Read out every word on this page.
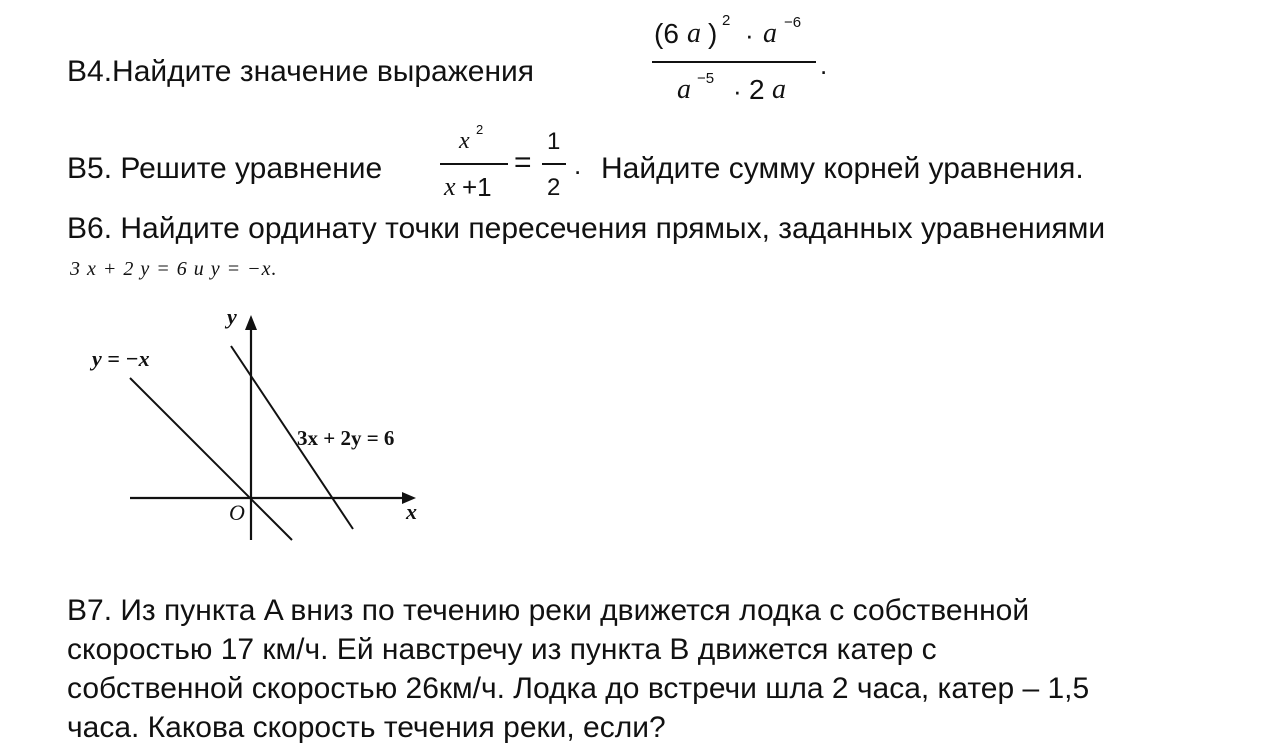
В4.Найдите значение выражения
(6 a ) 2 · a −6
.
a −5 · 2 a
В5. Решите уравнение
x 2
x +1
=
1
2
. Найдите сумму корней уравнения.
В6. Найдите ординату точки пересечения прямых, заданных уравнениями
3 x + 2 y = 6 и y = −x.
y
x
O
y = −x
3x + 2y = 6
В7. Из пункта A вниз по течению реки движется лодка с собственной
скоростью 17 км/ч. Ей навстречу из пункта B движется катер с
собственной скоростью 26км/ч. Лодка до встречи шла 2 часа, катер – 1,5
часа. Какова скорость течения реки, если?
